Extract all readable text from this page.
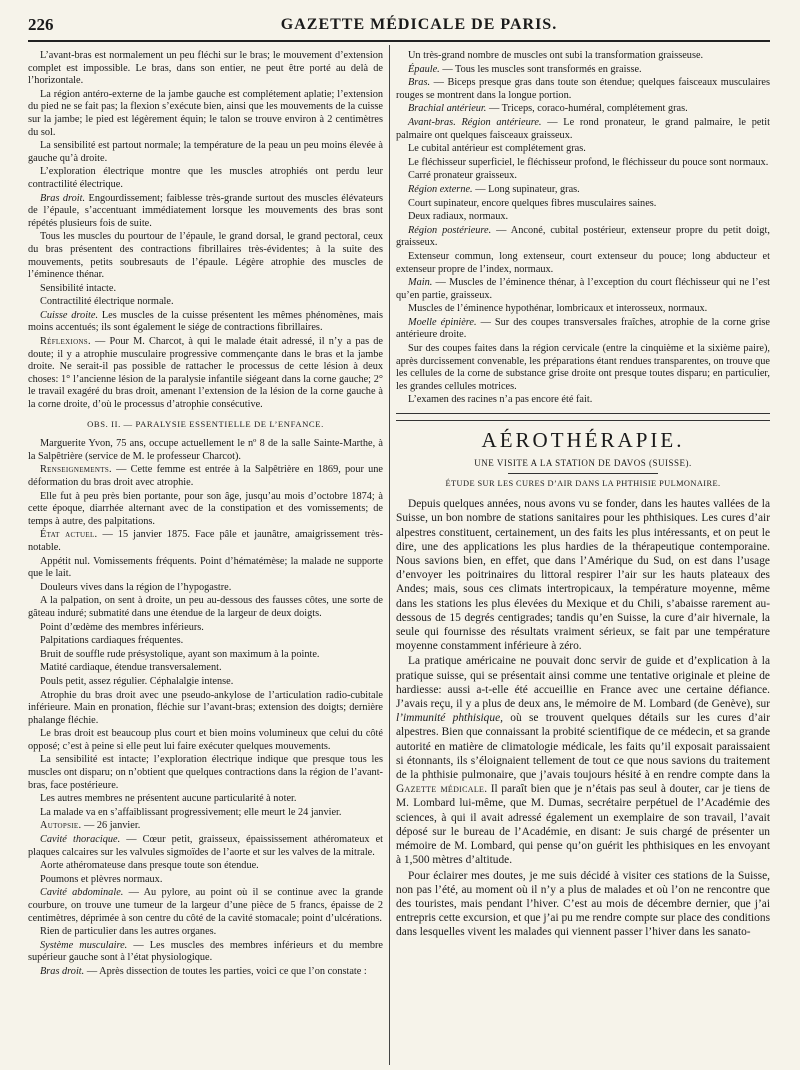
226	GAZETTE MÉDICALE DE PARIS.

L’avant-bras est normalement un peu fléchi sur le bras; le mouvement d’extension complet est impossible. Le bras, dans son entier, ne peut être porté au delà de l’horizontale.

La région antéro-externe de la jambe gauche est complétement aplatie; l’extension du pied ne se fait pas; la flexion s’exécute bien, ainsi que les mouvements de la cuisse sur la jambe; le pied est légèrement équin; le talon se trouve environ à 2 centimètres du sol.

La sensibilité est partout normale; la température de la peau un peu moins élevée à gauche qu’à droite.

L’exploration électrique montre que les muscles atrophiés ont perdu leur contractilité électrique.

Bras droit. Engourdissement; faiblesse très-grande surtout des muscles élévateurs de l’épaule, s’accentuant immédiatement lorsque les mouvements des bras sont répétés plusieurs fois de suite.

Tous les muscles du pourtour de l’épaule, le grand dorsal, le grand pectoral, ceux du bras présentent des contractions fibrillaires très-évidentes; à la suite des mouvements, petits soubresauts de l’épaule. Légère atrophie des muscles de l’éminence thénar.

Sensibilité intacte.

Contractilité électrique normale.

Cuisse droite. Les muscles de la cuisse présentent les mêmes phénomènes, mais moins accentués; ils sont également le siége de contractions fibrillaires.

Réflexions. — Pour M. Charcot, à qui le malade était adressé, il n’y a pas de doute; il y a atrophie musculaire progressive commençante dans le bras et la jambe droite. Ne serait-il pas possible de rattacher le processus de cette lésion à deux choses: 1° l’ancienne lésion de la paralysie infantile siégeant dans la corne gauche; 2° le travail exagéré du bras droit, amenant l’extension de la lésion de la corne gauche à la corne droite, d’où le processus d’atrophie consécutive.

OBS. II. — PARALYSIE ESSENTIELLE DE L’ENFANCE.

Marguerite Yvon, 75 ans, occupe actuellement le nº 8 de la salle Sainte-Marthe, à la Salpêtrière (service de M. le professeur Charcot).

Renseignements. — Cette femme est entrée à la Salpêtrière en 1869, pour une déformation du bras droit avec atrophie.

Elle fut à peu près bien portante, pour son âge, jusqu’au mois d’octobre 1874; à cette époque, diarrhée alternant avec de la constipation et des vomissements; de temps à autre, des palpitations.

État actuel. — 15 janvier 1875. Face pâle et jaunâtre, amaigrissement très-notable.

Appétit nul. Vomissements fréquents. Point d’hématémèse; la malade ne supporte que le lait.

Douleurs vives dans la région de l’hypogastre.

A la palpation, on sent à droite, un peu au-dessous des fausses côtes, une sorte de gâteau induré; submatité dans une étendue de la largeur de deux doigts.

Point d’œdème des membres inférieurs.

Palpitations cardiaques fréquentes.

Bruit de souffle rude présystolique, ayant son maximum à la pointe.

Matité cardiaque, étendue transversalement.

Pouls petit, assez régulier. Céphalalgie intense.

Atrophie du bras droit avec une pseudo-ankylose de l’articulation radio-cubitale inférieure. Main en pronation, fléchie sur l’avant-bras; extension des doigts; dernière phalange fléchie.

Le bras droit est beaucoup plus court et bien moins volumineux que celui du côté opposé; c’est à peine si elle peut lui faire exécuter quelques mouvements.

La sensibilité est intacte; l’exploration électrique indique que presque tous les muscles ont disparu; on n’obtient que quelques contractions dans la région de l’avant-bras, face postérieure.

Les autres membres ne présentent aucune particularité à noter.

La malade va en s’affaiblissant progressivement; elle meurt le 24 janvier.

Autopsie. — 26 janvier.

Cavité thoracique. — Cœur petit, graisseux, épaississement athéromateux et plaques calcaires sur les valvules sigmoïdes de l’aorte et sur les valves de la mitrale.

Aorte athéromateuse dans presque toute son étendue.

Poumons et plèvres normaux.

Cavité abdominale. — Au pylore, au point où il se continue avec la grande courbure, on trouve une tumeur de la largeur d’une pièce de 5 francs, épaisse de 2 centimètres, déprimée à son centre du côté de la cavité stomacale; point d’ulcérations.

Rien de particulier dans les autres organes.

Système musculaire. — Les muscles des membres inférieurs et du membre supérieur gauche sont à l’état physiologique.

Bras droit. — Après dissection de toutes les parties, voici ce que l’on constate :

Un très-grand nombre de muscles ont subi la transformation graisseuse.

Épaule. — Tous les muscles sont transformés en graisse.

Bras. — Biceps presque gras dans toute son étendue; quelques faisceaux musculaires rouges se montrent dans la longue portion.

Brachial antérieur. — Triceps, coraco-huméral, complétement gras.

Avant-bras. Région antérieure. — Le rond pronateur, le grand palmaire, le petit palmaire ont quelques faisceaux graisseux.

Le cubital antérieur est complétement gras.

Le fléchisseur superficiel, le fléchisseur profond, le fléchisseur du pouce sont normaux.

Carré pronateur graisseux.

Région externe. — Long supinateur, gras.

Court supinateur, encore quelques fibres musculaires saines.

Deux radiaux, normaux.

Région postérieure. — Anconé, cubital postérieur, extenseur propre du petit doigt, graisseux.

Extenseur commun, long extenseur, court extenseur du pouce; long abducteur et extenseur propre de l’index, normaux.

Main. — Muscles de l’éminence thénar, à l’exception du court fléchisseur qui ne l’est qu’en partie, graisseux.

Muscles de l’éminence hypothénar, lombricaux et interosseux, normaux.

Moelle épinière. — Sur des coupes transversales fraîches, atrophie de la corne grise antérieure droite.

Sur des coupes faites dans la région cervicale (entre la cinquième et la sixième paire), après durcissement convenable, les préparations étant rendues transparentes, on trouve que les cellules de la corne de substance grise droite ont presque toutes disparu; en particulier, les grandes cellules motrices.

L’examen des racines n’a pas encore été fait.

AÉROTHÉRAPIE.

UNE VISITE A LA STATION DE DAVOS (SUISSE).

ÉTUDE SUR LES CURES D’AIR DANS LA PHTHISIE PULMONAIRE.

Depuis quelques années, nous avons vu se fonder, dans les hautes vallées de la Suisse, un bon nombre de stations sanitaires pour les phthisiques. Les cures d’air alpestres constituent, certainement, un des faits les plus intéressants, et on peut le dire, une des applications les plus hardies de la thérapeutique contemporaine. Nous savions bien, en effet, que dans l’Amérique du Sud, on est dans l’usage d’envoyer les poitrinaires du littoral respirer l’air sur les hauts plateaux des Andes; mais, sous ces climats intertropicaux, la température moyenne, même dans les stations les plus élevées du Mexique et du Chili, s’abaisse rarement au-dessous de 15 degrés centigrades; tandis qu’en Suisse, la cure d’air hivernale, la seule qui fournisse des résultats vraiment sérieux, se fait par une température moyenne constamment inférieure à zéro.

La pratique américaine ne pouvait donc servir de guide et d’explication à la pratique suisse, qui se présentait ainsi comme une tentative originale et pleine de hardiesse: aussi a-t-elle été accueillie en France avec une certaine défiance. J’avais reçu, il y a plus de deux ans, le mémoire de M. Lombard (de Genève), sur l’immunité phthisique, où se trouvent quelques détails sur les cures d’air alpestres. Bien que connaissant la probité scientifique de ce médecin, et sa grande autorité en matière de climatologie médicale, les faits qu’il exposait paraissaient si étonnants, ils s’éloignaient tellement de tout ce que nous savions du traitement de la phthisie pulmonaire, que j’avais toujours hésité à en rendre compte dans la Gazette médicale. Il paraît bien que je n’étais pas seul à douter, car je tiens de M. Lombard lui-même, que M. Dumas, secrétaire perpétuel de l’Académie des sciences, à qui il avait adressé également un exemplaire de son travail, l’avait déposé sur le bureau de l’Académie, en disant: Je suis chargé de présenter un mémoire de M. Lombard, qui pense qu’on guérit les phthisiques en les envoyant à 1,500 mètres d’altitude.

Pour éclairer mes doutes, je me suis décidé à visiter ces stations de la Suisse, non pas l’été, au moment où il n’y a plus de malades et où l’on ne rencontre que des touristes, mais pendant l’hiver. C’est au mois de décembre dernier, que j’ai entrepris cette excursion, et que j’ai pu me rendre compte sur place des conditions dans lesquelles vivent les malades qui viennent passer l’hiver dans les sanato-
